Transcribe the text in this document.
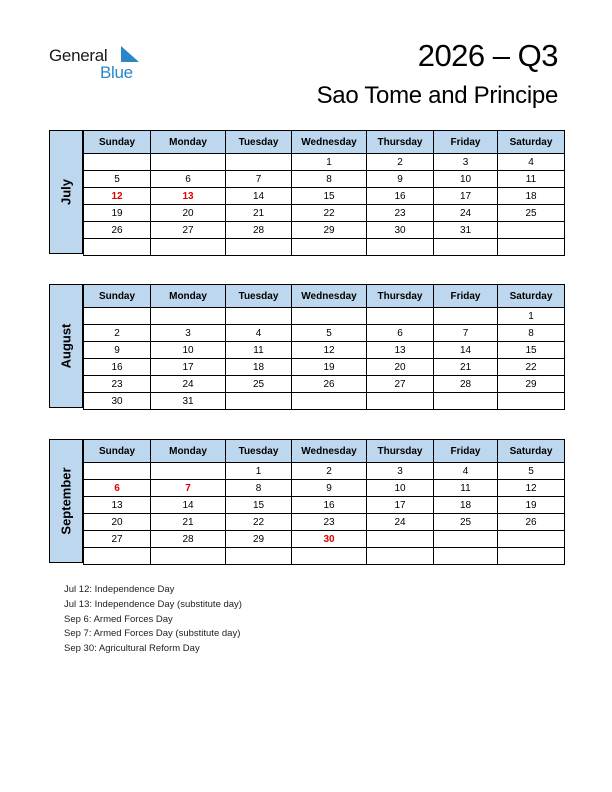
General
Blue	2026 – Q3
Sao Tome and Principe
July
Sunday	Monday	Tuesday	Wednesday	Thursday	Friday	Saturday
			1	2	3	4
5	6	7	8	9	10	11
12	13	14	15	16	17	18
19	20	21	22	23	24	25
26	27	28	29	30	31	

August
Sunday	Monday	Tuesday	Wednesday	Thursday	Friday	Saturday
						1
2	3	4	5	6	7	8
9	10	11	12	13	14	15
16	17	18	19	20	21	22
23	24	25	26	27	28	29
30	31					
September
Sunday	Monday	Tuesday	Wednesday	Thursday	Friday	Saturday
		1	2	3	4	5
6	7	8	9	10	11	12
13	14	15	16	17	18	19
20	21	22	23	24	25	26
27	28	29	30			

Jul 12: Independence Day
Jul 13: Independence Day (substitute day)
Sep 6: Armed Forces Day
Sep 7: Armed Forces Day (substitute day)
Sep 30: Agricultural Reform Day
